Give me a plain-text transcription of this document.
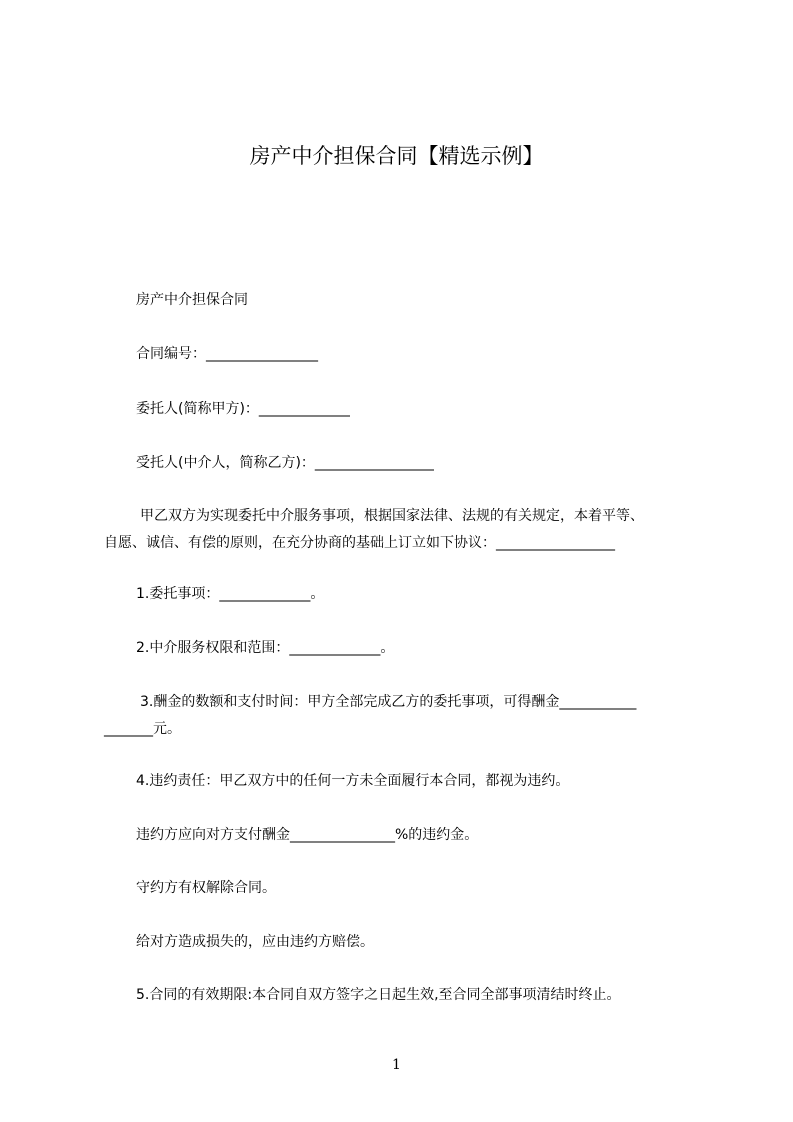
房产中介担保合同【精选示例】
房产中介担保合同
合同编号：________________
委托人(简称甲方)：_____________
受托人(中介人，简称乙方)：_________________
甲乙双方为实现委托中介服务事项，根据国家法律、法规的有关规定，本着平等、
自愿、诚信、有偿的原则，在充分协商的基础上订立如下协议：_________________
1.委托事项：_____________。
2.中介服务权限和范围：_____________。
3.酬金的数额和支付时间：甲方全部完成乙方的委托事项，可得酬金___________
_______元。
4.违约责任：甲乙双方中的任何一方未全面履行本合同，都视为违约。
违约方应向对方支付酬金_______________%的违约金。
守约方有权解除合同。
给对方造成损失的，应由违约方赔偿。
5.合同的有效期限:本合同自双方签字之日起生效,至合同全部事项清结时终止。
1
